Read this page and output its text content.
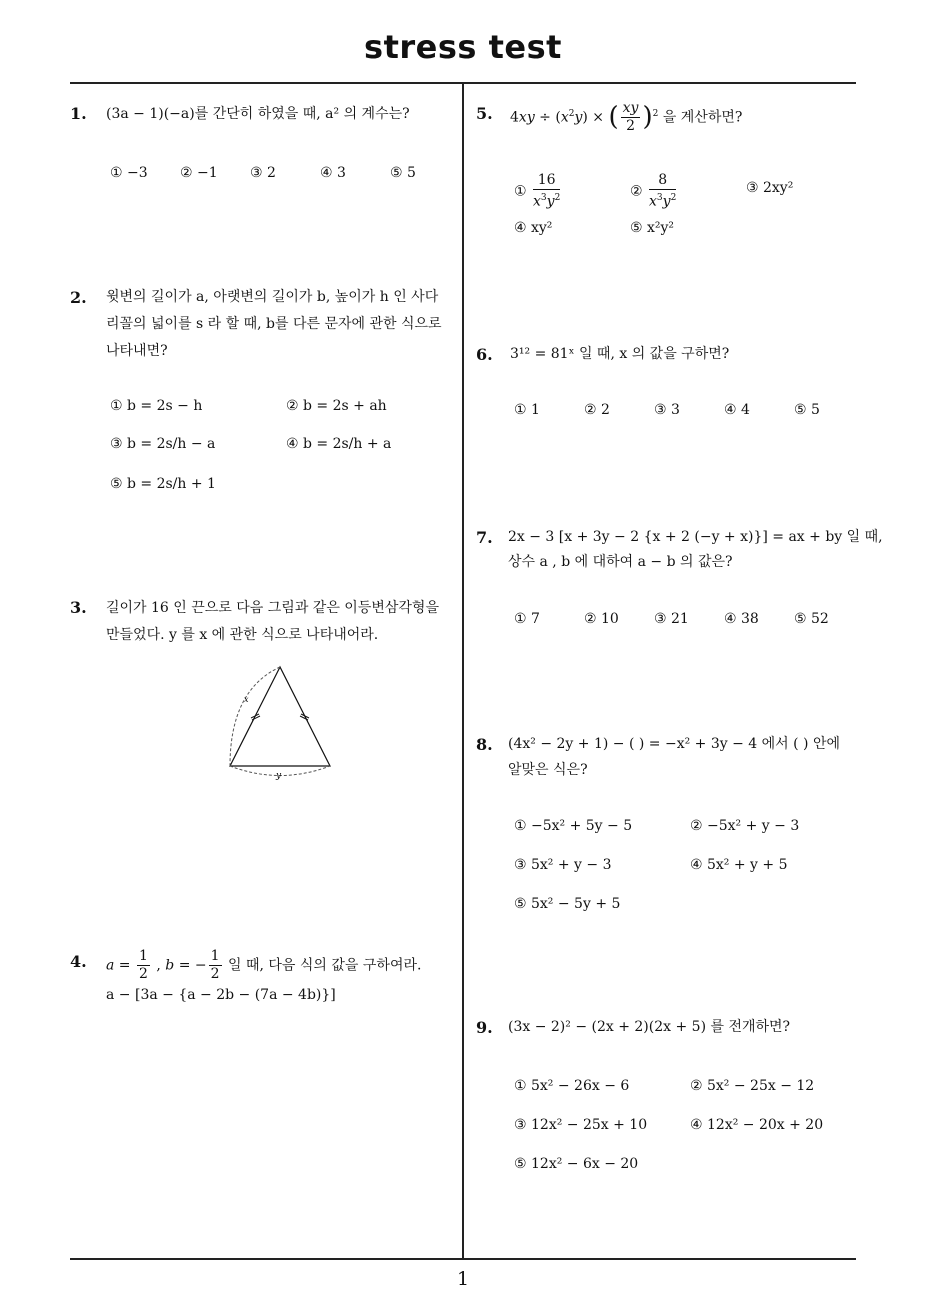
stress test
1
1. (3a − 1)(−a)를 간단히 하였을 때, a² 의 계수는?
① −3 ② −1 ③ 2	④ 3	⑤ 5
2. 윗변의 길이가 a, 아랫변의 길이가 b, 높이가 h 인 사다
리꼴의 넓이를 s 라 할 때, b를 다른 문자에 관한 식으로
나타내면?
① b = 2s − h	② b = 2s + ah
③ b = 2s/h − a	④ b = 2s/h + a
⑤ b = 2s/h + 1
3. 길이가 16 인 끈으로 다음 그림과 같은 이등변삼각형을
만들었다. y 를 x 에 관한 식으로 나타내어라.
x
y
4. $a = \frac{1}{2}$ , b = − $\frac{1}{2}$ 일 때, 다음 식의 값을 구하여라.
a − [3a − {a − 2b − (7a − 4b)}]
5. $4xy \div (x^2y)$ × ( $\frac{xy}{2} )^2$ 을 계산하면?
① $\frac{16}{x^3y^2}$	② $\frac{8}{x^3y^2}$	③ 2xy²
④ xy²	⑤ x²y²
6. 3¹² = 81ˣ 일 때, x 의 값을 구하면?
① 1	② 2	③ 3	④ 4	⑤ 5
7. 2x − 3 [x + 3y − 2 {x + 2 (−y + x)}] = ax + by 일 때,
상수 a , b 에 대하여 a − b 의 값은?
① 7	② 10	③ 21	④ 38	⑤ 52
8. (4x² − 2y + 1) − ( ) = −x² + 3y − 4 에서 ( ) 안에
알맞은 식은?
① −5x² + 5y − 5	② −5x² + y − 3
③ 5x² + y − 3	④ 5x² + y + 5
⑤ 5x² − 5y + 5
9. (3x − 2)² − (2x + 2)(2x + 5) 를 전개하면?
① 5x² − 26x − 6	② 5x² − 25x − 12
③ 12x² − 25x + 10	④ 12x² − 20x + 20
⑤ 12x² − 6x − 20
